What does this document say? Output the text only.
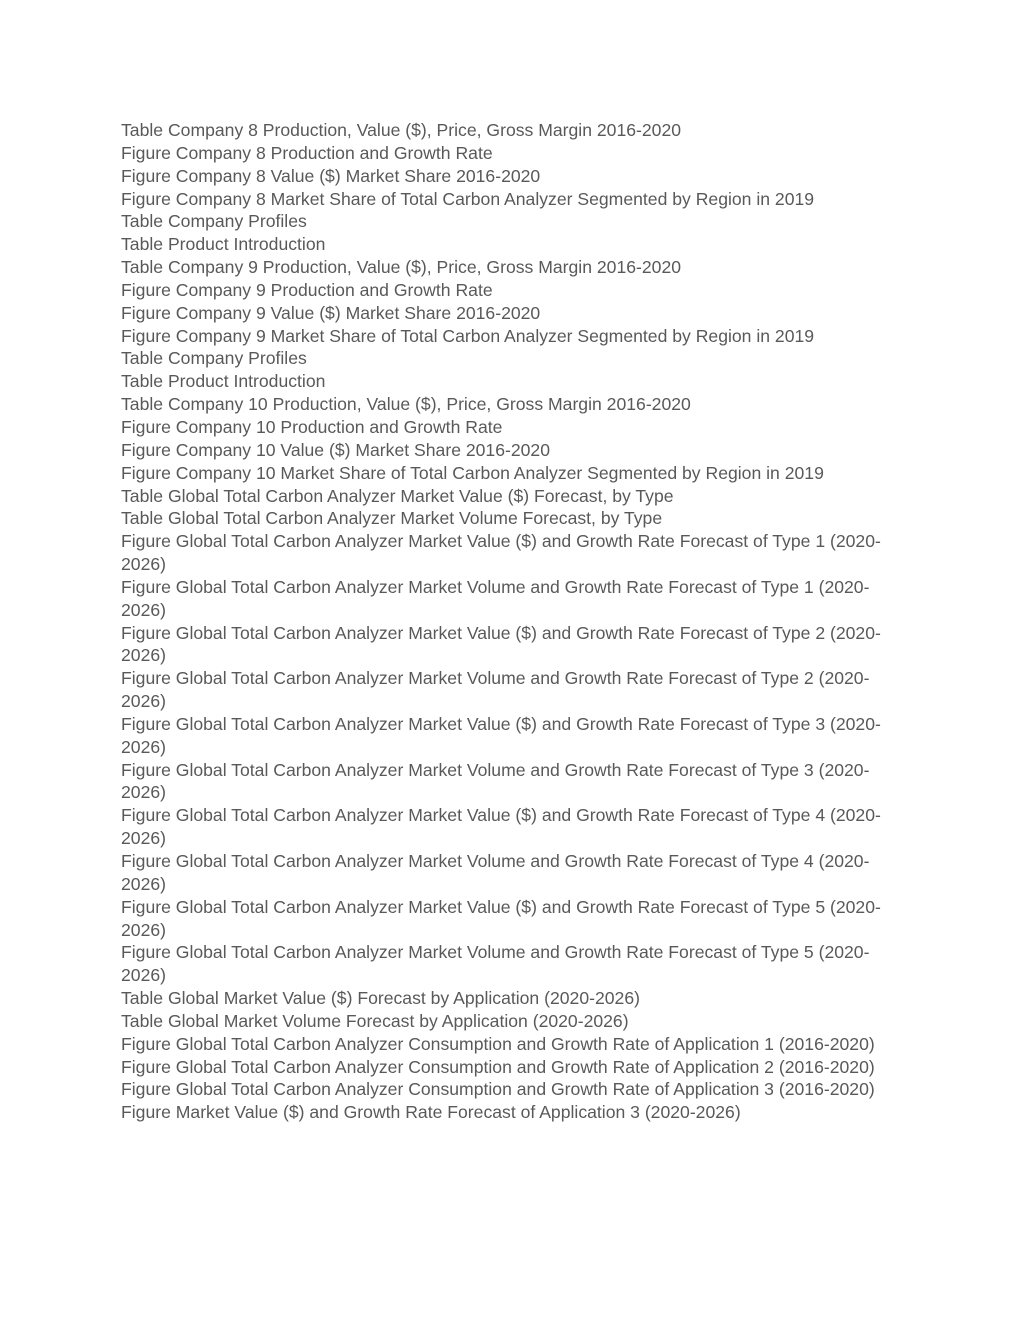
Table Company 8 Production, Value ($), Price, Gross Margin 2016-2020
Figure Company 8 Production and Growth Rate
Figure Company 8 Value ($) Market Share 2016-2020
Figure Company 8 Market Share of Total Carbon Analyzer Segmented by Region in 2019
Table Company Profiles
Table Product Introduction
Table Company 9 Production, Value ($), Price, Gross Margin 2016-2020
Figure Company 9 Production and Growth Rate
Figure Company 9 Value ($) Market Share 2016-2020
Figure Company 9 Market Share of Total Carbon Analyzer Segmented by Region in 2019
Table Company Profiles
Table Product Introduction
Table Company 10 Production, Value ($), Price, Gross Margin 2016-2020
Figure Company 10 Production and Growth Rate
Figure Company 10 Value ($) Market Share 2016-2020
Figure Company 10 Market Share of Total Carbon Analyzer Segmented by Region in 2019
Table Global Total Carbon Analyzer Market Value ($) Forecast, by Type
Table Global Total Carbon Analyzer Market Volume Forecast, by Type
Figure Global Total Carbon Analyzer Market Value ($) and Growth Rate Forecast of Type 1 (2020-2026)
Figure Global Total Carbon Analyzer Market Volume and Growth Rate Forecast of Type 1 (2020-2026)
Figure Global Total Carbon Analyzer Market Value ($) and Growth Rate Forecast of Type 2 (2020-2026)
Figure Global Total Carbon Analyzer Market Volume and Growth Rate Forecast of Type 2 (2020-2026)
Figure Global Total Carbon Analyzer Market Value ($) and Growth Rate Forecast of Type 3 (2020-2026)
Figure Global Total Carbon Analyzer Market Volume and Growth Rate Forecast of Type 3 (2020-2026)
Figure Global Total Carbon Analyzer Market Value ($) and Growth Rate Forecast of Type 4 (2020-2026)
Figure Global Total Carbon Analyzer Market Volume and Growth Rate Forecast of Type 4 (2020-2026)
Figure Global Total Carbon Analyzer Market Value ($) and Growth Rate Forecast of Type 5 (2020-2026)
Figure Global Total Carbon Analyzer Market Volume and Growth Rate Forecast of Type 5 (2020-2026)
Table Global Market Value ($) Forecast by Application (2020-2026)
Table Global Market Volume Forecast by Application (2020-2026)
Figure Global Total Carbon Analyzer Consumption and Growth Rate of Application 1 (2016-2020)
Figure Global Total Carbon Analyzer Consumption and Growth Rate of Application 2 (2016-2020)
Figure Global Total Carbon Analyzer Consumption and Growth Rate of Application 3 (2016-2020)
Figure Market Value ($) and Growth Rate Forecast of Application 3 (2020-2026)
